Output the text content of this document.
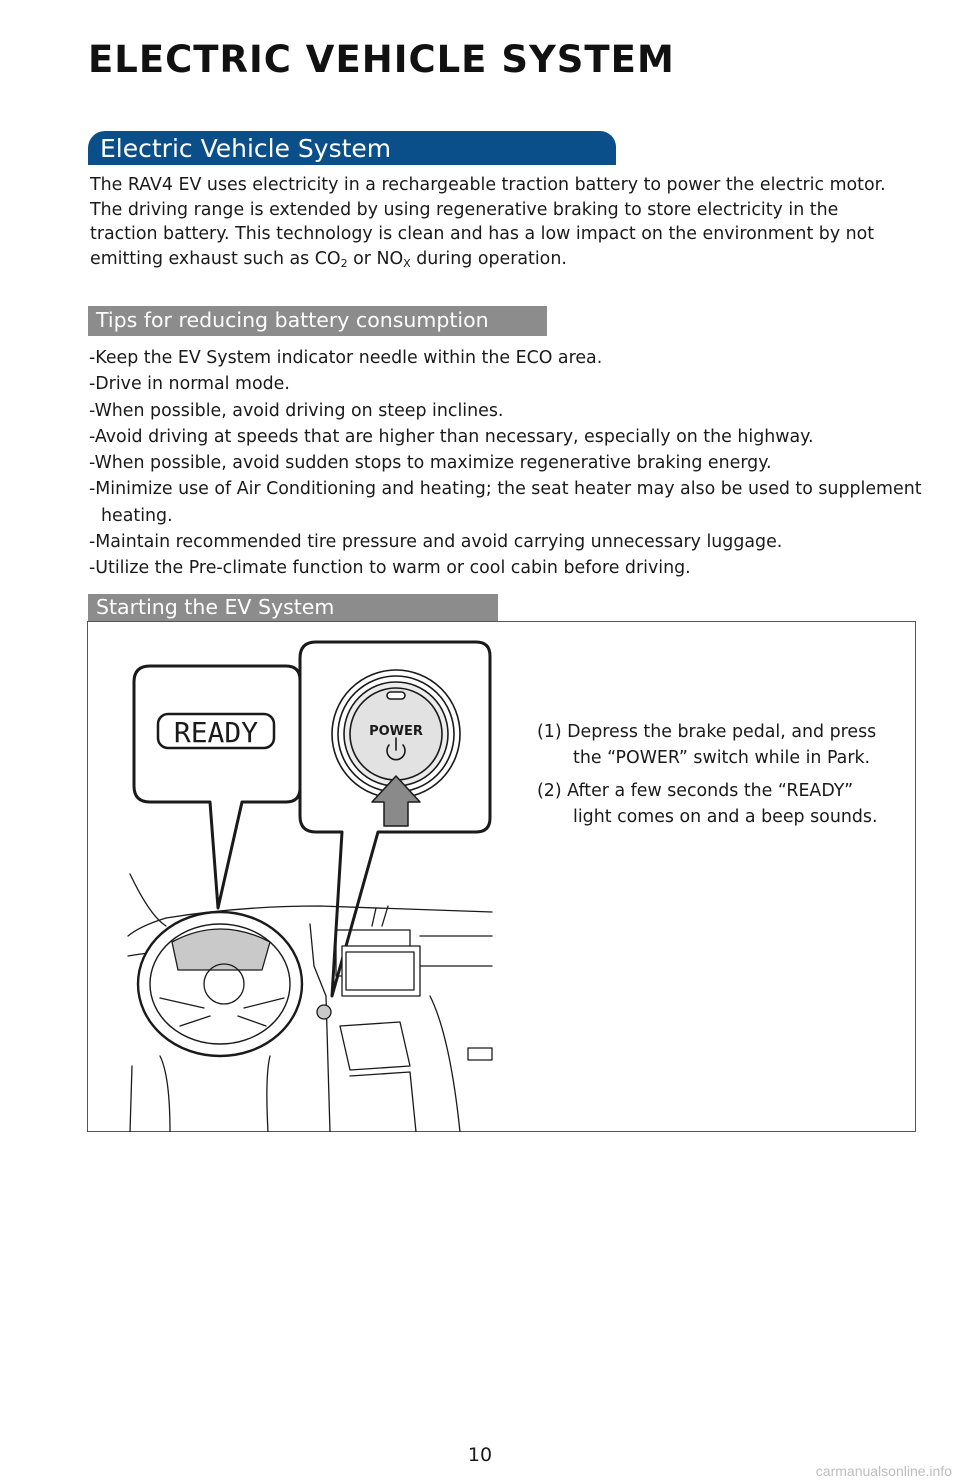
ELECTRIC VEHICLE SYSTEM
Electric Vehicle System

The RAV4 EV uses electricity in a rechargeable traction battery to power the electric motor. The driving range is extended by using regenerative braking to store electricity in the traction battery. This technology is clean and has a low impact on the environment by not emitting exhaust such as $CO_2$ or $NO_X$ during operation.

Tips for reducing battery consumption
-Keep the EV System indicator needle within the ECO area.
-Drive in normal mode.
-When possible, avoid driving on steep inclines.
-Avoid driving at speeds that are higher than necessary, especially on the highway.
-When possible, avoid sudden stops to maximize regenerative braking energy.
-Minimize use of Air Conditioning and heating; the seat heater may also be used to supplement heating.
-Maintain recommended tire pressure and avoid carrying unnecessary luggage.
-Utilize the Pre-climate function to warm or cool cabin before driving.
Starting the EV System
READY	POWER	(1) Depress the brake pedal, and press the “POWER” switch while in Park.
(2) After a few seconds the “READY” light comes on and a beep sounds.
10
carmanualsonline.info
